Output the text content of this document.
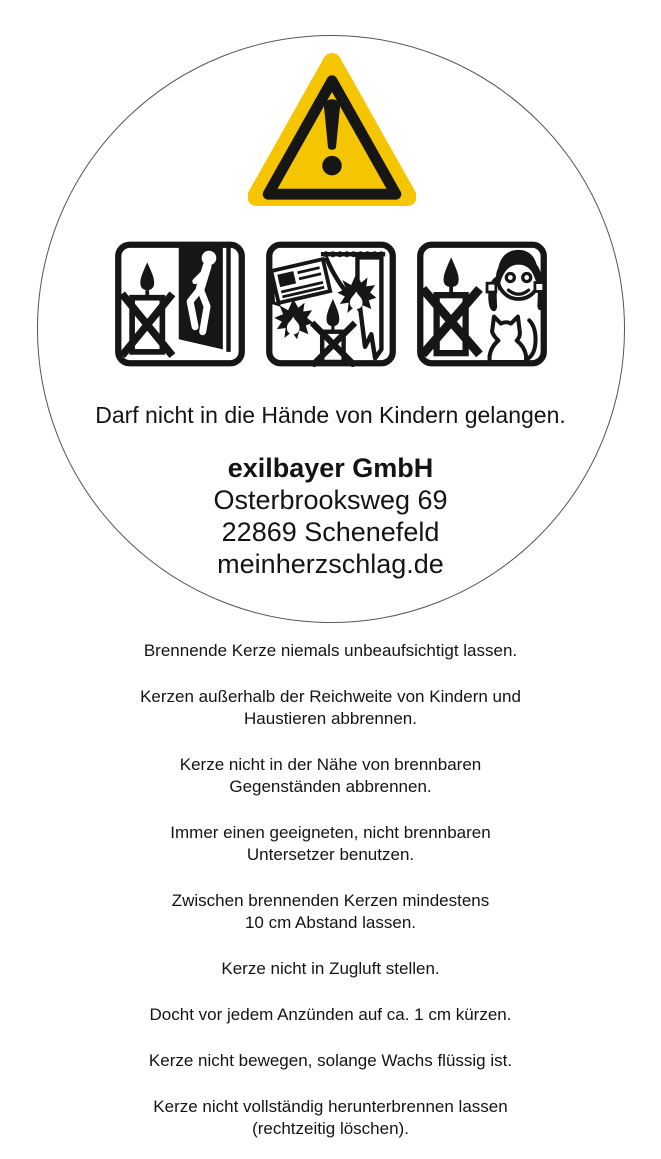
Darf nicht in die Hände von Kindern gelangen.
exilbayer GmbH
Osterbrooksweg 69
22869 Schenefeld
meinherzschlag.de

Brennende Kerze niemals unbeaufsichtigt lassen.

Kerzen außerhalb der Reichweite von Kindern und
Haustieren abbrennen.

Kerze nicht in der Nähe von brennbaren
Gegenständen abbrennen.

Immer einen geeigneten, nicht brennbaren
Untersetzer benutzen.

Zwischen brennenden Kerzen mindestens
10 cm Abstand lassen.

Kerze nicht in Zugluft stellen.

Docht vor jedem Anzünden auf ca. 1 cm kürzen.

Kerze nicht bewegen, solange Wachs flüssig ist.

Kerze nicht vollständig herunterbrennen lassen
(rechtzeitig löschen).
